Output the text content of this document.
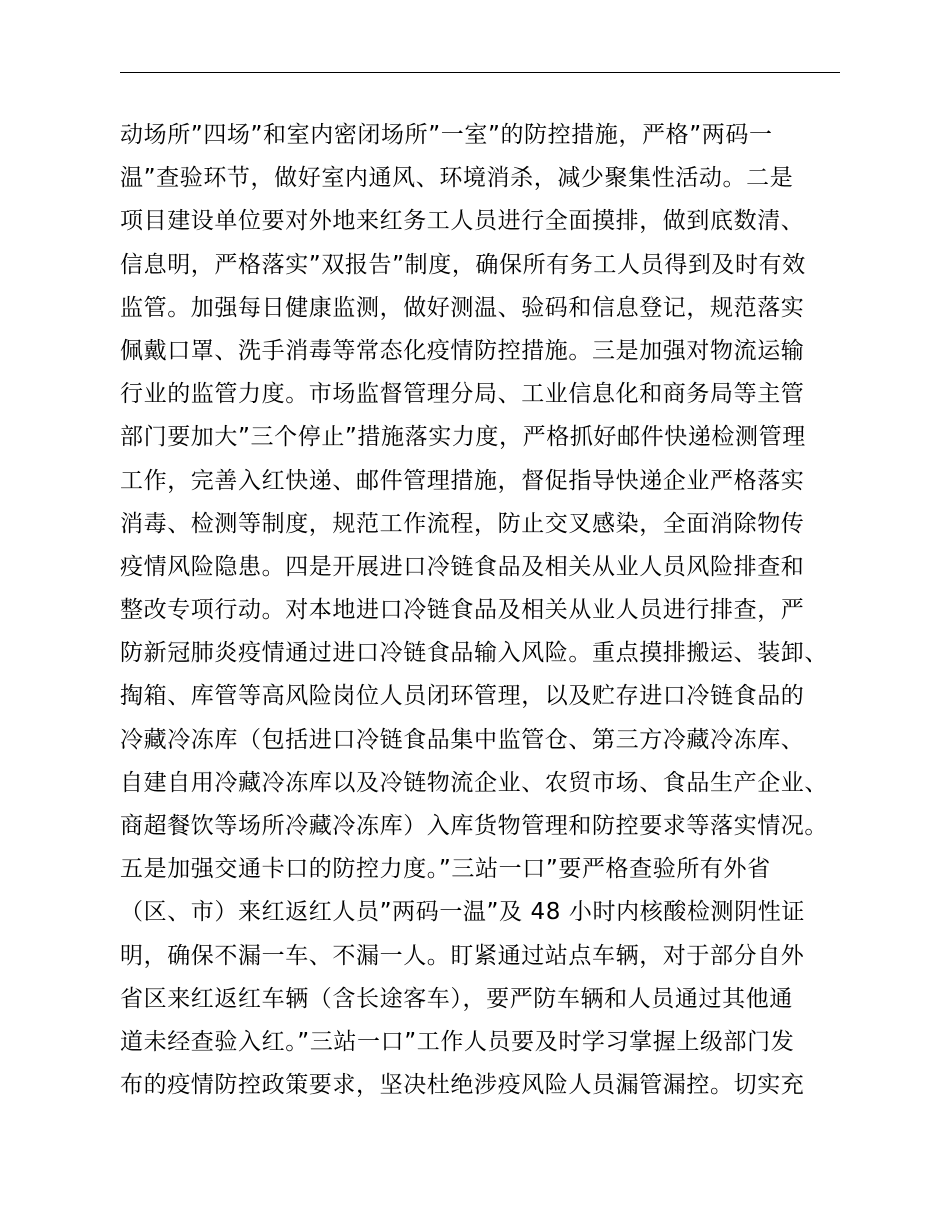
动场所”四场”和室内密闭场所”一室”的防控措施，严格”两码一
温”查验环节，做好室内通风、环境消杀，减少聚集性活动。二是
项目建设单位要对外地来红务工人员进行全面摸排，做到底数清、
信息明，严格落实”双报告”制度，确保所有务工人员得到及时有效
监管。加强每日健康监测，做好测温、验码和信息登记，规范落实
佩戴口罩、洗手消毒等常态化疫情防控措施。三是加强对物流运输
行业的监管力度。市场监督管理分局、工业信息化和商务局等主管
部门要加大”三个停止”措施落实力度，严格抓好邮件快递检测管理
工作，完善入红快递、邮件管理措施，督促指导快递企业严格落实
消毒、检测等制度，规范工作流程，防止交叉感染，全面消除物传
疫情风险隐患。四是开展进口冷链食品及相关从业人员风险排查和
整改专项行动。对本地进口冷链食品及相关从业人员进行排查，严
防新冠肺炎疫情通过进口冷链食品输入风险。重点摸排搬运、装卸、
掏箱、库管等高风险岗位人员闭环管理，以及贮存进口冷链食品的
冷藏冷冻库（包括进口冷链食品集中监管仓、第三方冷藏冷冻库、
自建自用冷藏冷冻库以及冷链物流企业、农贸市场、食品生产企业、
商超餐饮等场所冷藏冷冻库）入库货物管理和防控要求等落实情况。
五是加强交通卡口的防控力度。”三站一口”要严格查验所有外省
（区、市）来红返红人员”两码一温”及 48 小时内核酸检测阴性证
明，确保不漏一车、不漏一人。盯紧通过站点车辆，对于部分自外
省区来红返红车辆（含长途客车），要严防车辆和人员通过其他通
道未经查验入红。”三站一口”工作人员要及时学习掌握上级部门发
布的疫情防控政策要求，坚决杜绝涉疫风险人员漏管漏控。切实充
